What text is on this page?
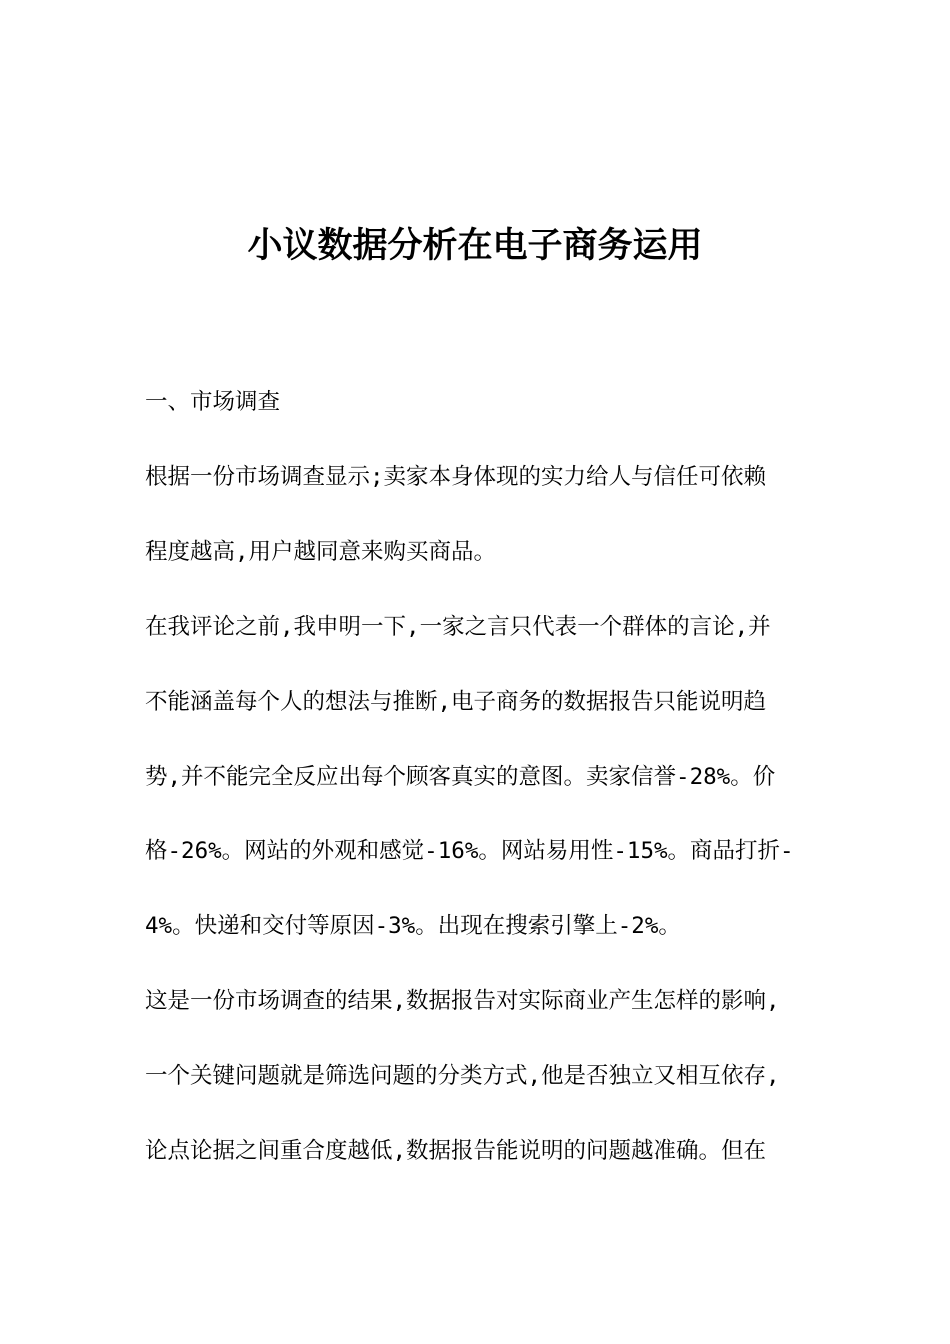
小议数据分析在电子商务运用
一、市场调查
根据一份市场调查显示;卖家本身体现的实力给人与信任可依赖
程度越高,用户越同意来购买商品。
在我评论之前,我申明一下,一家之言只代表一个群体的言论,并
不能涵盖每个人的想法与推断,电子商务的数据报告只能说明趋
势,并不能完全反应出每个顾客真实的意图。卖家信誉-28%。价
格-26%。网站的外观和感觉-16%。网站易用性-15%。商品打折-
4%。快递和交付等原因-3%。出现在搜索引擎上-2%。
这是一份市场调查的结果,数据报告对实际商业产生怎样的影响,
一个关键问题就是筛选问题的分类方式,他是否独立又相互依存,
论点论据之间重合度越低,数据报告能说明的问题越准确。但在
